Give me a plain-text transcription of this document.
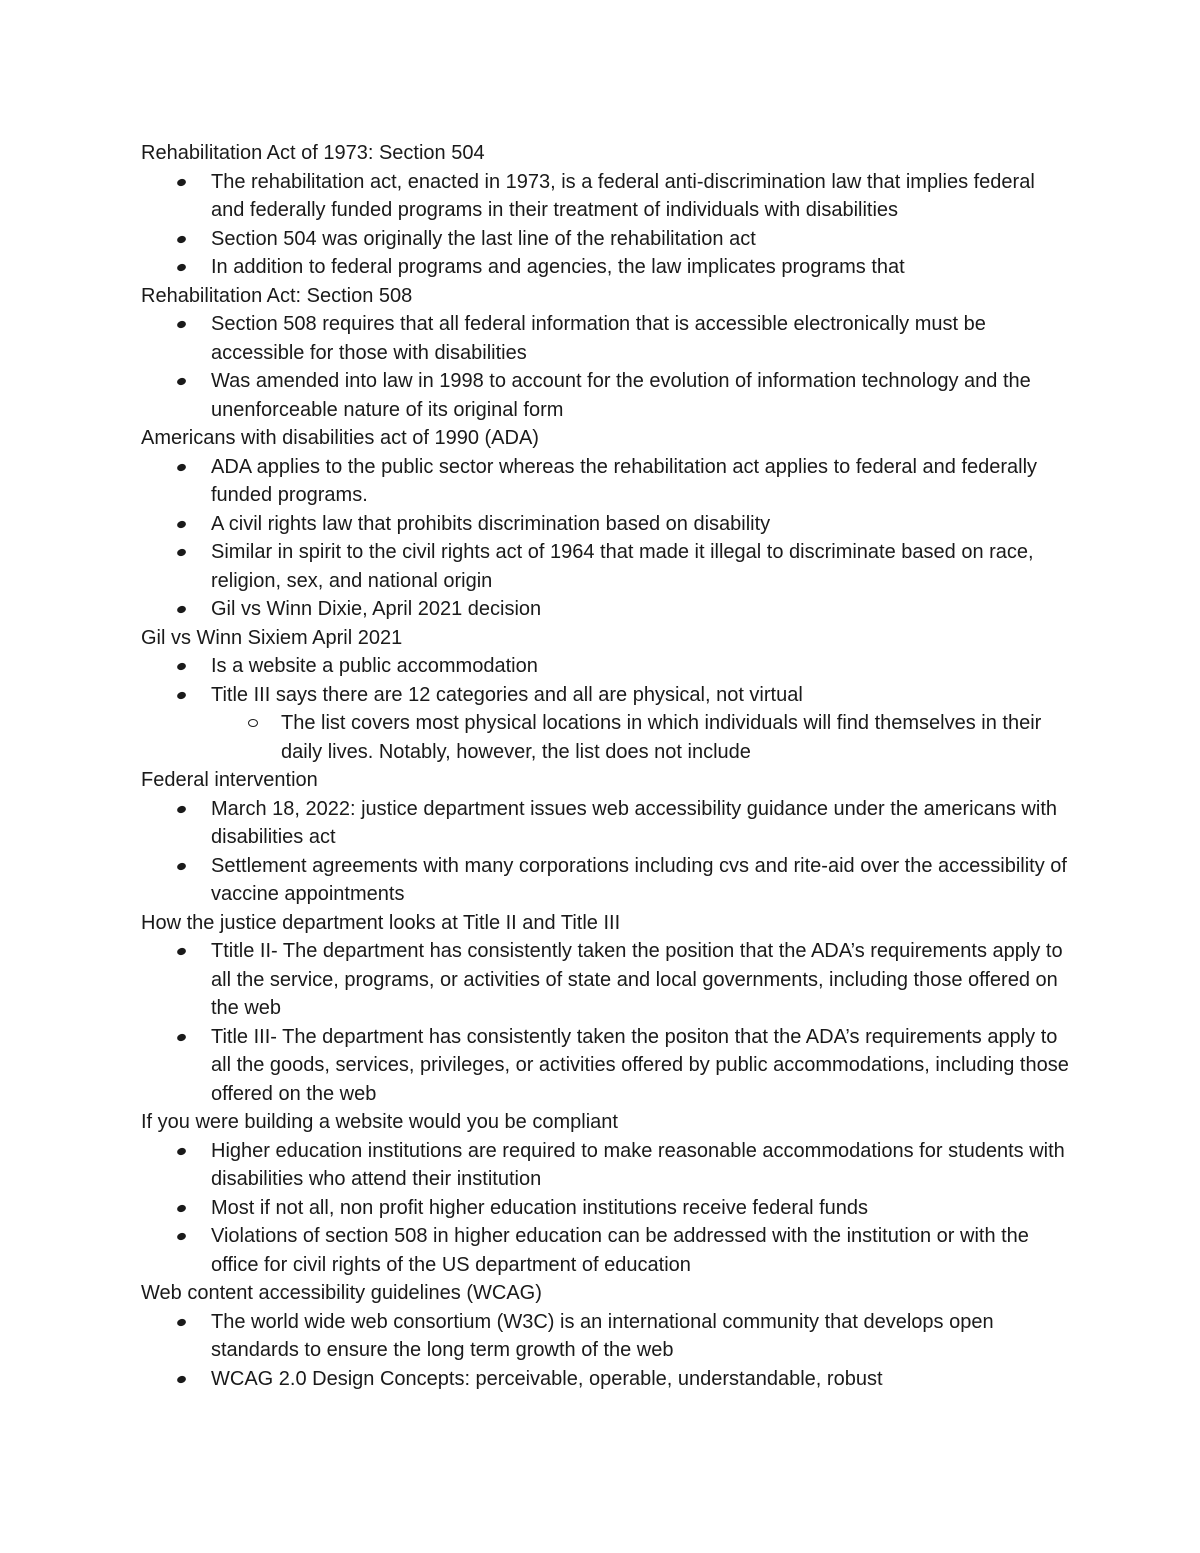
Rehabilitation Act of 1973: Section 504
The rehabilitation act, enacted in 1973, is a federal anti-discrimination law that implies federal and federally funded programs in their treatment of individuals with disabilities
Section 504 was originally the last line of the rehabilitation act
In addition to federal programs and agencies, the law implicates programs that
Rehabilitation Act: Section 508
Section 508 requires that all federal information that is accessible electronically must be accessible for those with disabilities
Was amended into law in 1998 to account for the evolution of information technology and the unenforceable nature of its original form
Americans with disabilities act of 1990 (ADA)
ADA applies to the public sector whereas the rehabilitation act applies to federal and federally funded programs.
A civil rights law that prohibits discrimination based on disability
Similar in spirit to the civil rights act of 1964 that made it illegal to discriminate based on race, religion, sex, and national origin
Gil vs Winn Dixie, April 2021 decision
Gil vs Winn Sixiem April 2021
Is a website a public accommodation
Title III says there are 12 categories and all are physical, not virtual
The list covers most physical locations in which individuals will find themselves in their daily lives. Notably, however, the list does not include
Federal intervention
March 18, 2022: justice department issues web accessibility guidance under the americans with disabilities act
Settlement agreements with many corporations including cvs and rite-aid over the accessibility of vaccine appointments
How the justice department looks at Title II and Title III
Ttitle II- The department has consistently taken the position that the ADA’s requirements apply to all the service, programs, or activities of state and local governments, including those offered on the web
Title III- The department has consistently taken the positon that the ADA’s requirements apply to all the goods, services, privileges, or activities offered by public accommodations, including those offered on the web
If you were building a website would you be compliant
Higher education institutions are required to make reasonable accommodations for students with disabilities who attend their institution
Most if not all, non profit higher education institutions receive federal funds
Violations of section 508 in higher education can be addressed with the institution or with the office for civil rights of the US department of education
Web content accessibility guidelines (WCAG)
The world wide web consortium (W3C) is an international community that develops open standards to ensure the long term growth of the web
WCAG 2.0 Design Concepts: perceivable, operable, understandable, robust
